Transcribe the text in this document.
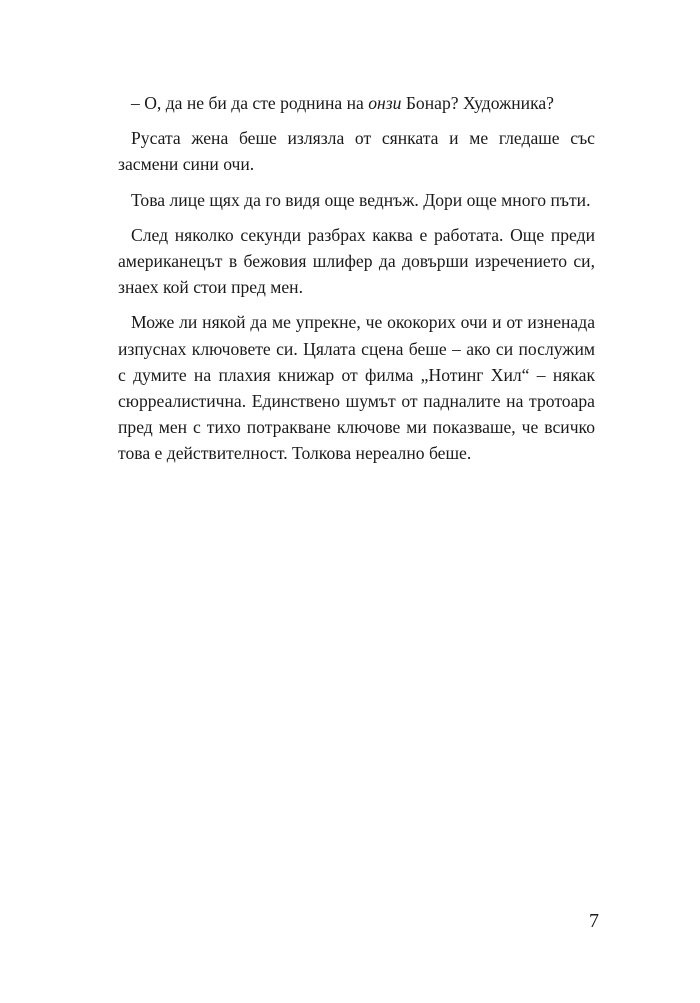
– О, да не би да сте роднина на онзи Бонар? Художника?

Русата жена беше излязла от сянката и ме гледаше със засмени сини очи.

Това лице щях да го видя още веднъж. Дори още много пъти.

След няколко секунди разбрах каква е работата. Още преди американецът в бежовия шлифер да довърши изречението си, знаех кой стои пред мен.

Може ли някой да ме упрекне, че ококорих очи и от изненада изпуснах ключовете си. Цялата сцена беше – ако си послужим с думите на плахия книжар от филма „Нотинг Хил“ – някак сюрреалистична. Единствено шумът от падналите на тротоара пред мен с тихо потракване ключове ми показваше, че всичко това е действителност. Толкова нереално беше.

7
